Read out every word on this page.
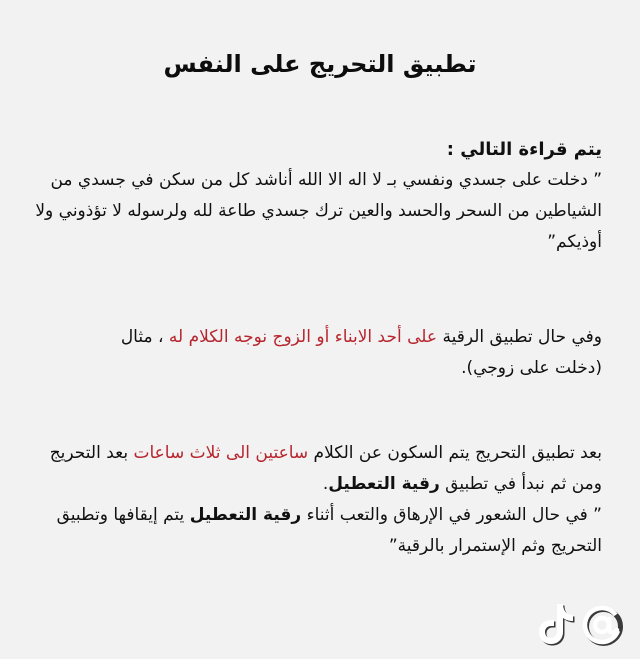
تطبيق التحريج على النفس

يتم قراءة التالي :

” دخلت على جسدي ونفسي بـ لا اله الا الله أناشد كل من سكن في جسدي من الشياطين من السحر والحسد والعين ترك جسدي طاعة لله ولرسوله لا تؤذوني ولا أوذيكم”

وفي حال تطبيق الرقية على أحد الابناء أو الزوج نوجه الكلام له ، مثال

(دخلت على زوجي).

بعد تطبيق التحريج يتم السكون عن الكلام ساعتين الى ثلاث ساعات بعد التحريج ومن ثم نبدأ في تطبيق رقية التعطيل.

” في حال الشعور في الإرهاق والتعب أثناء رقية التعطيل يتم إيقافها وتطبيق التحريج وثم الإستمرار بالرقية”
